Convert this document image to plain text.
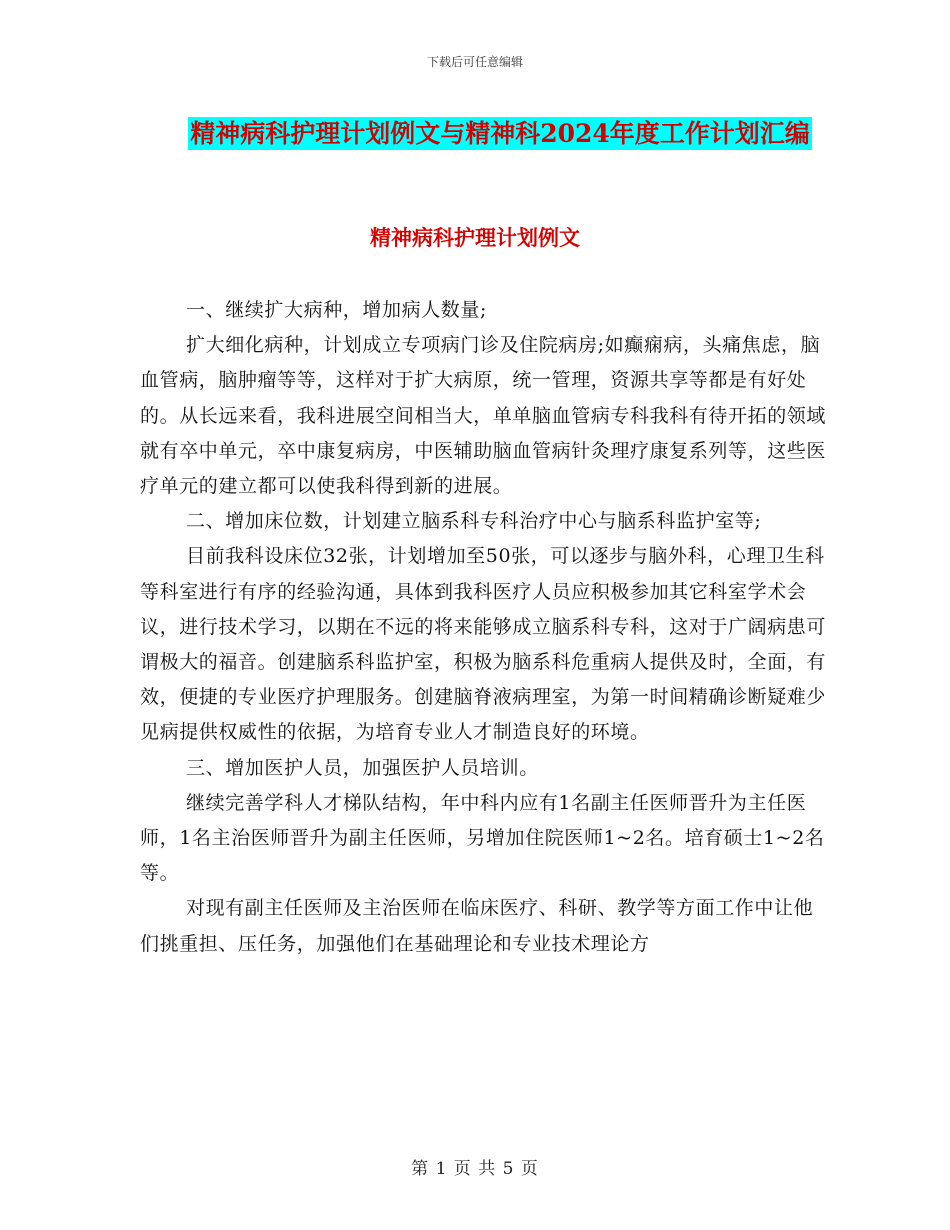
下载后可任意编辑
精神病科护理计划例文与精神科2024年度工作计划汇编
精神病科护理计划例文

一、继续扩大病种，增加病人数量;

扩大细化病种，计划成立专项病门诊及住院病房;如癫痫病，头痛焦虑，脑血管病，脑肿瘤等等，这样对于扩大病原，统一管理，资源共享等都是有好处的。从长远来看，我科进展空间相当大，单单脑血管病专科我科有待开拓的领域就有卒中单元，卒中康复病房，中医辅助脑血管病针灸理疗康复系列等，这些医疗单元的建立都可以使我科得到新的进展。

二、增加床位数，计划建立脑系科专科治疗中心与脑系科监护室等;

目前我科设床位32张，计划增加至50张，可以逐步与脑外科，心理卫生科等科室进行有序的经验沟通，具体到我科医疗人员应积极参加其它科室学术会议，进行技术学习，以期在不远的将来能够成立脑系科专科，这对于广阔病患可谓极大的福音。创建脑系科监护室，积极为脑系科危重病人提供及时，全面，有效，便捷的专业医疗护理服务。创建脑脊液病理室，为第一时间精确诊断疑难少见病提供权威性的依据，为培育专业人才制造良好的环境。

三、增加医护人员，加强医护人员培训。

继续完善学科人才梯队结构，年中科内应有1名副主任医师晋升为主任医师，1名主治医师晋升为副主任医师，另增加住院医师1~2名。培育硕士1~2名等。

对现有副主任医师及主治医师在临床医疗、科研、教学等方面工作中让他们挑重担、压任务，加强他们在基础理论和专业技术理论方

第 1 页 共 5 页
